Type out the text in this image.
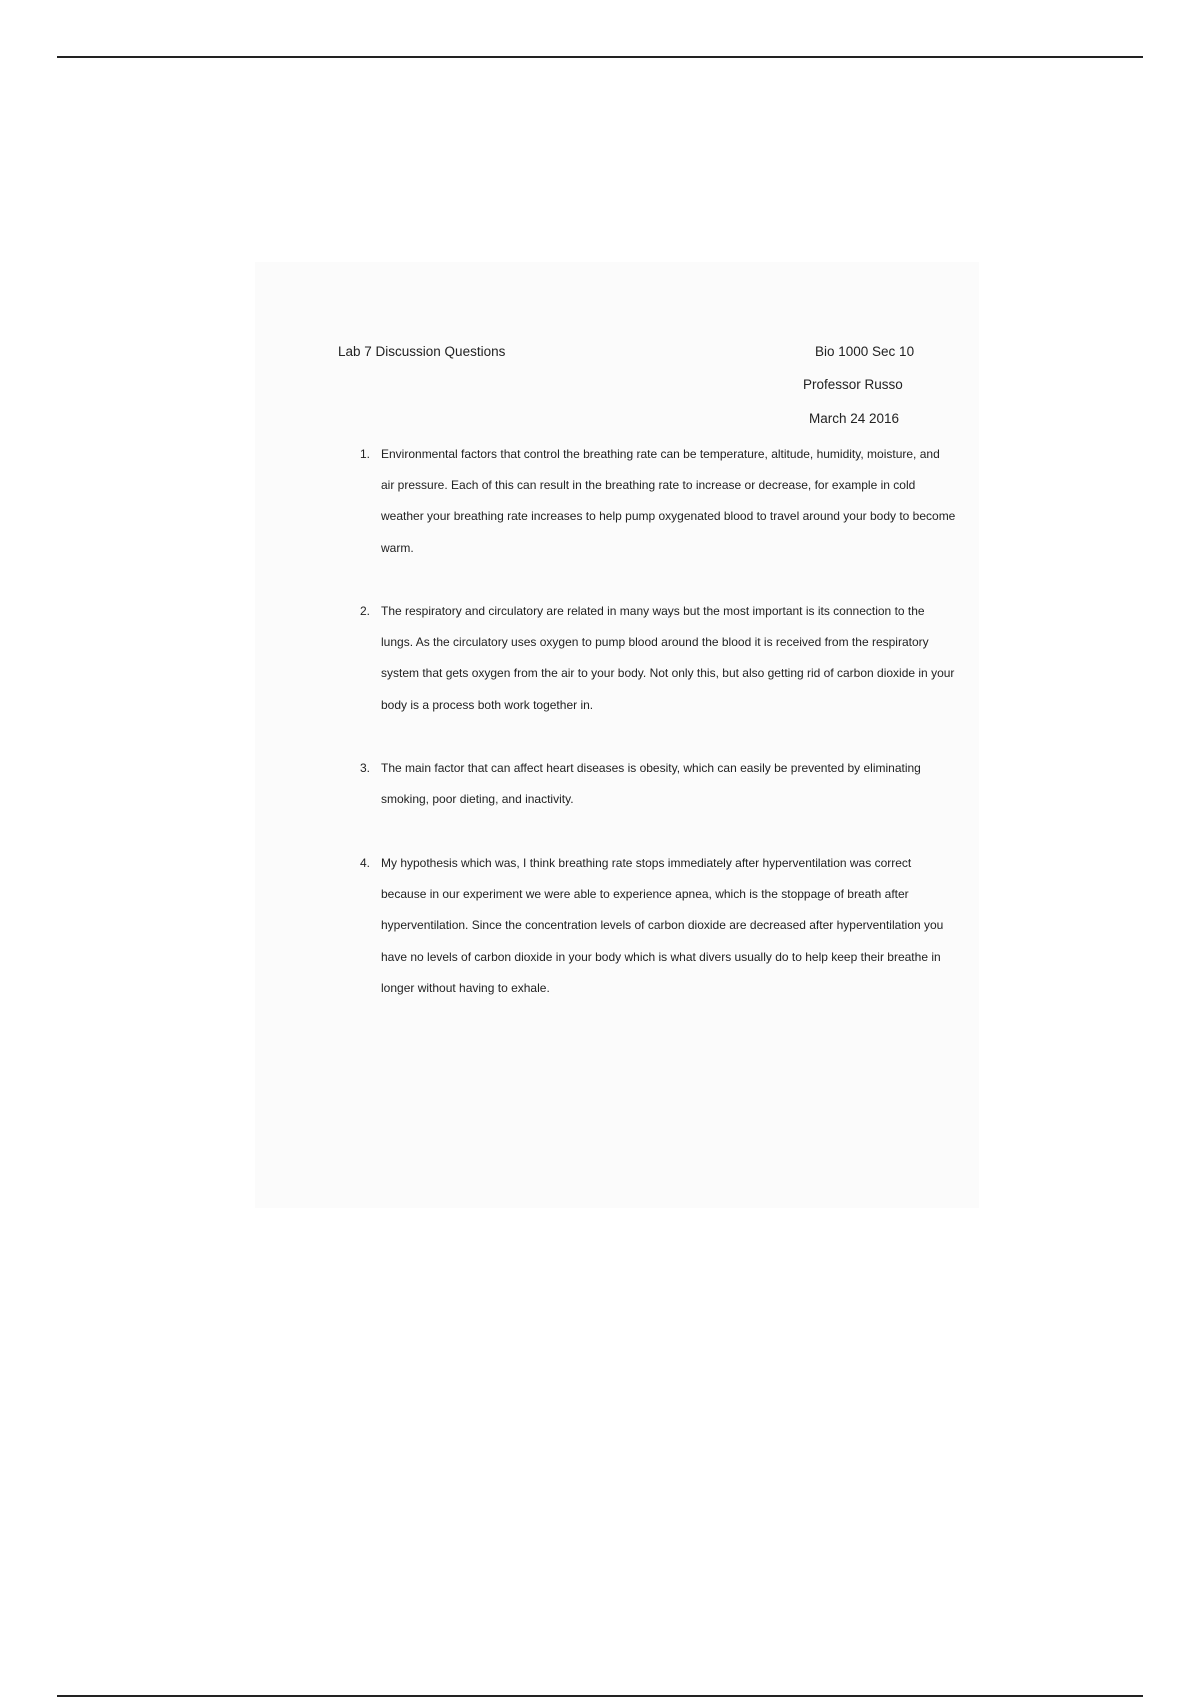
Lab 7 Discussion Questions	Bio 1000 Sec 10
Professor Russo
March 24 2016
1. Environmental factors that control the breathing rate can be temperature, altitude, humidity, moisture, and air pressure. Each of this can result in the breathing rate to increase or decrease, for example in cold weather your breathing rate increases to help pump oxygenated blood to travel around your body to become warm.
2. The respiratory and circulatory are related in many ways but the most important is its connection to the lungs. As the circulatory uses oxygen to pump blood around the blood it is received from the respiratory system that gets oxygen from the air to your body. Not only this, but also getting rid of carbon dioxide in your body is a process both work together in.
3. The main factor that can affect heart diseases is obesity, which can easily be prevented by eliminating smoking, poor dieting, and inactivity.
4. My hypothesis which was, I think breathing rate stops immediately after hyperventilation was correct because in our experiment we were able to experience apnea, which is the stoppage of breath after hyperventilation. Since the concentration levels of carbon dioxide are decreased after hyperventilation you have no levels of carbon dioxide in your body which is what divers usually do to help keep their breathe in longer without having to exhale.
